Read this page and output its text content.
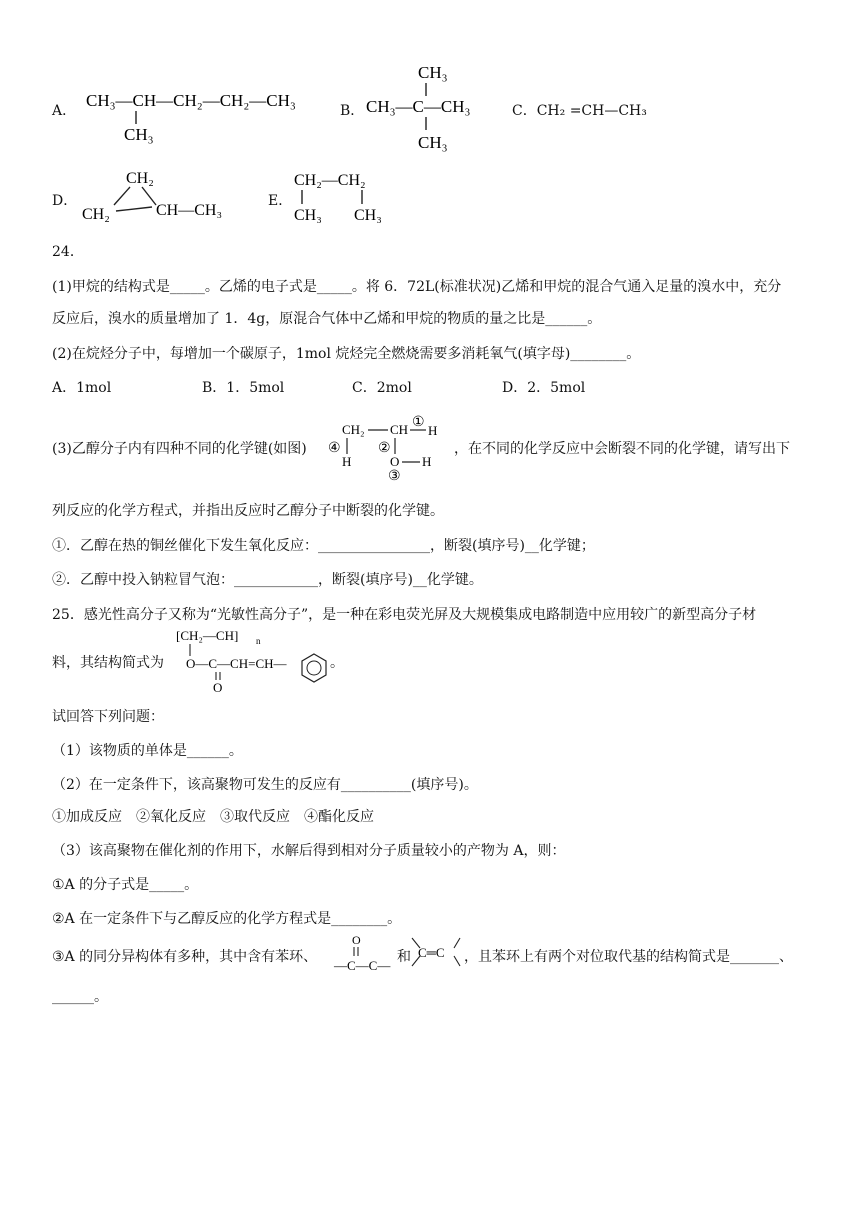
A．
CH₃—CH—CH₂—CH₂—CH₃
CH₃
B．
CH₃
CH₃—C—CH₃
CH₃
C．CH₂ =CH—CH₃
D．
CH₂
CH₂	CH—CH₃
E．
CH₂—CH₂
CH₃ CH₃
24．
(1)甲烷的结构式是_____。乙烯的电子式是_____。将 6．72L(标准状况)乙烯和甲烷的混合气通入足量的溴水中，充分
反应后，溴水的质量增加了 1．4g，原混合气体中乙烯和甲烷的物质的量之比是______。
(2)在烷烃分子中，每增加一个碳原子，1mol 烷烃完全燃烧需要多消耗氧气(填字母)________。
A．1mol	B．1．5mol	C．2mol	D．2．5mol
(3)乙醇分子内有四种不同的化学键(如图)
CH₂ CH ①
H
④
H
②
O H
③
，在不同的化学反应中会断裂不同的化学键，请写出下
列反应的化学方程式，并指出反应时乙醇分子中断裂的化学键。
①．乙醇在热的铜丝催化下发生氧化反应：________________，断裂(填序号)__化学键；
②．乙醇中投入钠粒冒气泡：____________，断裂(填序号)__化学键。
25．感光性高分子又称为“光敏性高分子”，是一种在彩电荧光屏及大规模集成电路制造中应用较广的新型高分子材
料，其结构简式为
[CH₂—CH] n
O—C—CH=CH—
O
。
试回答下列问题：
（1）该物质的单体是______。
（2）在一定条件下，该高聚物可发生的反应有__________(填序号)。
①加成反应　②氧化反应　③取代反应　④酯化反应
（3）该高聚物在催化剂的作用下，水解后得到相对分子质量较小的产物为 A，则：
①A 的分子式是_____。
②A 在一定条件下与乙醇反应的化学方程式是________。
③A 的同分异构体有多种，其中含有苯环、
O
—C—C—
和 C═C ，且苯环上有两个对位取代基的结构简式是_______、
______。
